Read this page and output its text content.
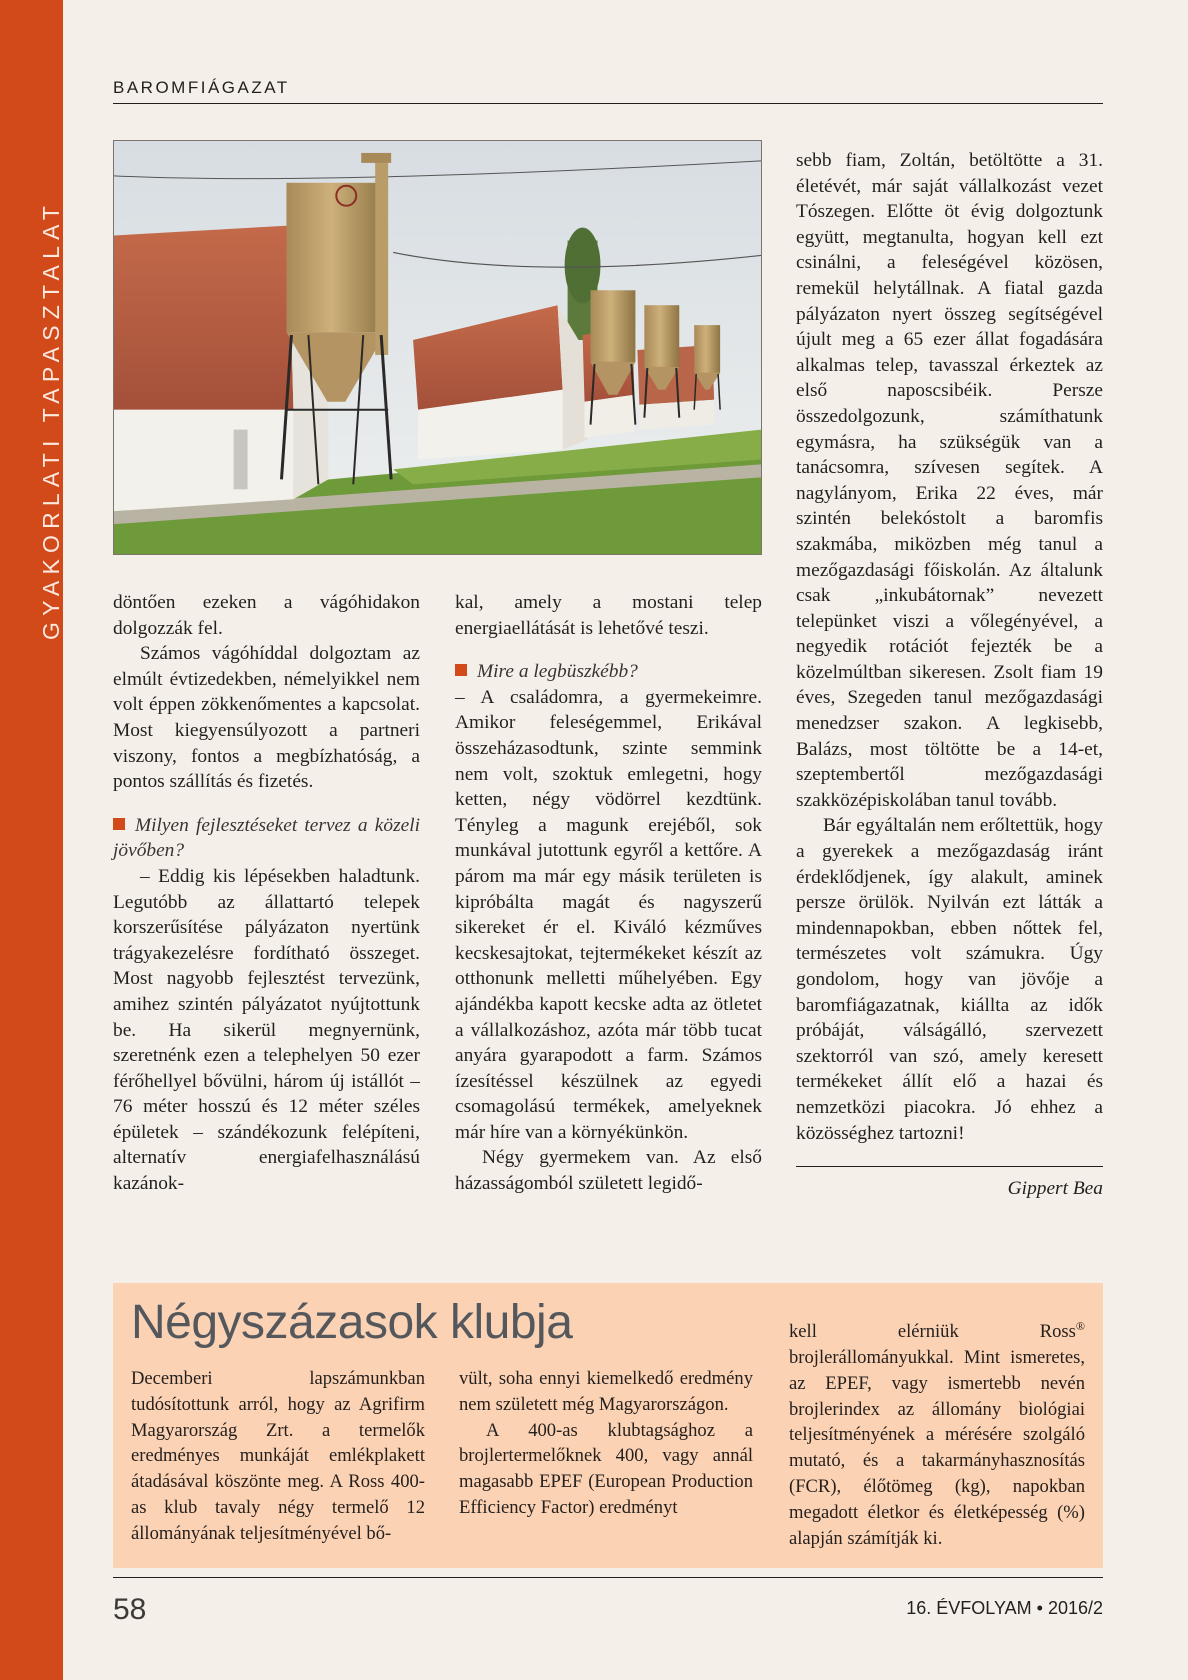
GYAKORLATI TAPASZTALAT
BAROMFIÁGAZAT

döntően ezeken a vágóhidakon dolgozzák fel.

Számos vágóhíddal dolgoztam az elmúlt évtizedekben, némelyikkel nem volt éppen zökkenőmentes a kapcsolat. Most kiegyensúlyozott a partneri viszony, fontos a megbízhatóság, a pontos szállítás és fizetés.

Milyen fejlesztéseket tervez a közeli jövőben?

– Eddig kis lépésekben haladtunk. Legutóbb az állattartó telepek korszerűsítése pályázaton nyertünk trágyakezelésre fordítható összeget. Most nagyobb fejlesztést tervezünk, amihez szintén pályázatot nyújtottunk be. Ha sikerül megnyernünk, szeretnénk ezen a telephelyen 50 ezer férőhellyel bővülni, három új istállót – 76 méter hosszú és 12 méter széles épületek – szándékozunk felépíteni, alternatív energiafelhasználású kazánok-

kal, amely a mostani telep energiaellátását is lehetővé teszi.

Mire a legbüszkébb?

– A családomra, a gyermekeimre. Amikor feleségemmel, Erikával összeházasodtunk, szinte semmink nem volt, szoktuk emlegetni, hogy ketten, négy vödörrel kezdtünk. Tényleg a magunk erejéből, sok munkával jutottunk egyről a kettőre. A párom ma már egy másik területen is kipróbálta magát és nagyszerű sikereket ér el. Kiváló kézműves kecskesajtokat, tejtermékeket készít az otthonunk melletti műhelyében. Egy ajándékba kapott kecske adta az ötletet a vállalkozáshoz, azóta már több tucat anyára gyarapodott a farm. Számos ízesítéssel készülnek az egyedi csomagolású termékek, amelyeknek már híre van a környékünkön.

Négy gyermekem van. Az első házasságomból született legidő-

sebb fiam, Zoltán, betöltötte a 31. életévét, már saját vállalkozást vezet Tószegen. Előtte öt évig dolgoztunk együtt, megtanulta, hogyan kell ezt csinálni, a feleségével közösen, remekül helytállnak. A fiatal gazda pályázaton nyert összeg segítségével újult meg a 65 ezer állat fogadására alkalmas telep, tavasszal érkeztek az első naposcsibéik. Persze összedolgozunk, számíthatunk egymásra, ha szükségük van a tanácsomra, szívesen segítek. A nagylányom, Erika 22 éves, már szintén belekóstolt a baromfis szakmába, miközben még tanul a mezőgazdasági főiskolán. Az általunk csak „inkubátornak” nevezett telepünket viszi a vőlegényével, a negyedik rotációt fejezték be a közelmúltban sikeresen. Zsolt fiam 19 éves, Szegeden tanul mezőgazdasági menedzser szakon. A legkisebb, Balázs, most töltötte be a 14-et, szeptembertől mezőgazdasági szakközépiskolában tanul tovább.

Bár egyáltalán nem erőltettük, hogy a gyerekek a mezőgazdaság iránt érdeklődjenek, így alakult, aminek persze örülök. Nyilván ezt látták a mindennapokban, ebben nőttek fel, természetes volt számukra. Úgy gondolom, hogy van jövője a baromfiágazatnak, kiállta az idők próbáját, válságálló, szervezett szektorról van szó, amely keresett termékeket állít elő a hazai és nemzetközi piacokra. Jó ehhez a közösséghez tartozni!

Gippert Bea

Négyszázasok klubja

Decemberi lapszámunkban tudósítottunk arról, hogy az Agrifirm Magyarország Zrt. a termelők eredményes munkáját emlékplakett átadásával köszönte meg. A Ross 400-as klub tavaly négy termelő 12 állományának teljesítményével bő-

vült, soha ennyi kiemelkedő eredmény nem született még Magyarországon.

A 400-as klubtagsághoz a brojlertermelőknek 400, vagy annál magasabb EPEF (European Production Efficiency Factor) eredményt

kell elérniük Ross® brojlerállományukkal. Mint ismeretes, az EPEF, vagy ismertebb nevén brojlerindex az állomány biológiai teljesítményének a mérésére szolgáló mutató, és a takarmányhasznosítás (FCR), élőtömeg (kg), napokban megadott életkor és életképesség (%) alapján számítják ki.

58	16. ÉVFOLYAM • 2016/2
